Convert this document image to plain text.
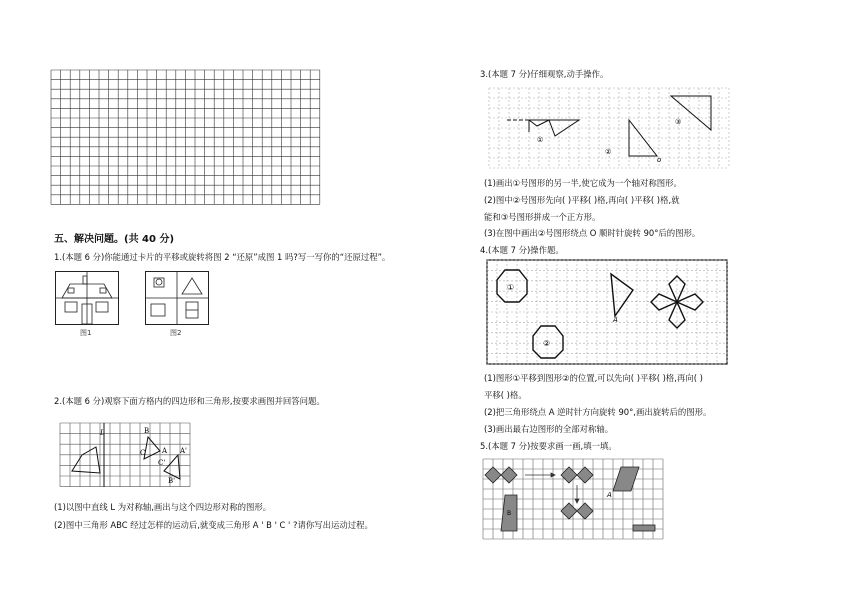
五、解决问题。(共 40 分)
1.(本题 6 分)你能通过卡片的平移或旋转将图 2 “还原”成图 1 吗?写一写你的“还原过程”。
图1	图2
2.(本题 6 分)观察下面方格内的四边形和三角形,按要求画图并回答问题。
L	B
C A
C'
A'
B'
(1)以图中直线 L 为对称轴,画出与这个四边形对称的图形。
(2)图中三角形 ABC 经过怎样的运动后,就变成三角形 A ' B ' C ' ?请你写出运动过程。
3.(本题 7 分)仔细观察,动手操作。
①
②
③
o
(1)画出①号图形的另一半,使它成为一个轴对称图形。
(2)图中②号图形先向( )平移( )格,再向( )平移( )格,就
能和③号图形拼成一个正方形。
(3)在图中画出②号图形绕点 O 顺时针旋转 90°后的图形。
4.(本题 7 分)操作题。
①
②
A
(1)图形①平移到图形②的位置,可以先向( )平移( )格,再向( )
平移( )格。
(2)把三角形绕点 A 逆时针方向旋转 90°,画出旋转后的图形。
(3)画出最右边图形的全部对称轴。
5.(本题 7 分)按要求画一画,填一填。
A
B
